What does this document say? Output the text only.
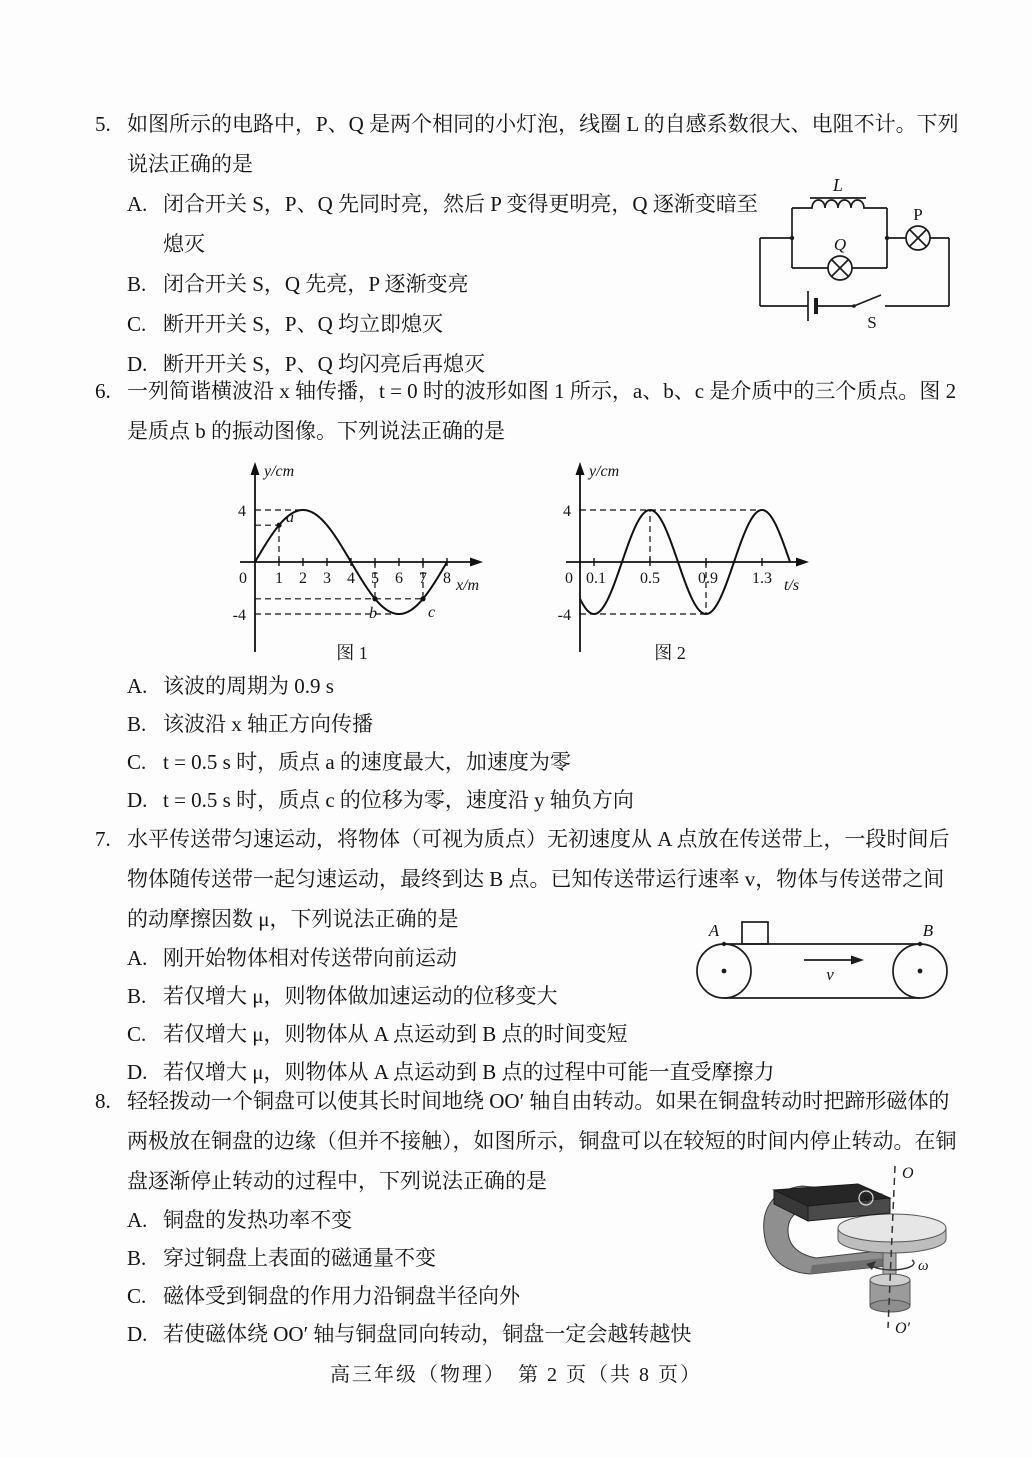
5. 如图所示的电路中，P、Q 是两个相同的小灯泡，线圈 L 的自感系数很大、电阻不计。下列说法正确的是
A. 闭合开关 S，P、Q 先同时亮，然后 P 变得更明亮，Q 逐渐变暗至熄灭
B. 闭合开关 S，Q 先亮，P 逐渐变亮
C. 断开开关 S，P、Q 均立即熄灭
D. 断开开关 S，P、Q 均闪亮后再熄灭
L
Q
P
S
6. 一列简谐横波沿 x 轴传播，t = 0 时的波形如图 1 所示，a、b、c 是介质中的三个质点。图 2 是质点 b 的振动图像。下列说法正确的是
y/cm
x/m
4
0
-4
1 2 3 4 5 6 7 8
a
b	c
图 1
y/cm
t/s
4
0
-4
0.1 0.5 0.9 1.3
图 2
A. 该波的周期为 0.9 s
B. 该波沿 x 轴正方向传播
C. t = 0.5 s 时，质点 a 的速度最大，加速度为零
D. t = 0.5 s 时，质点 c 的位移为零，速度沿 y 轴负方向
7. 水平传送带匀速运动，将物体（可视为质点）无初速度从 A 点放在传送带上，一段时间后物体随传送带一起匀速运动，最终到达 B 点。已知传送带运行速率 v，物体与传送带之间的动摩擦因数 μ，下列说法正确的是
A. 刚开始物体相对传送带向前运动
B. 若仅增大 μ，则物体做加速运动的位移变大
C. 若仅增大 μ，则物体从 A 点运动到 B 点的时间变短
D. 若仅增大 μ，则物体从 A 点运动到 B 点的过程中可能一直受摩擦力
A	B
v
8. 轻轻拨动一个铜盘可以使其长时间地绕 OO′ 轴自由转动。如果在铜盘转动时把蹄形磁体的两极放在铜盘的边缘（但并不接触），如图所示，铜盘可以在较短的时间内停止转动。在铜盘逐渐停止转动的过程中，下列说法正确的是
A. 铜盘的发热功率不变
B. 穿过铜盘上表面的磁通量不变
C. 磁体受到铜盘的作用力沿铜盘半径向外
D. 若使磁体绕 OO′ 轴与铜盘同向转动，铜盘一定会越转越快
S
ω
O
O′
高三年级（物理）　第 2 页（共 8 页）
